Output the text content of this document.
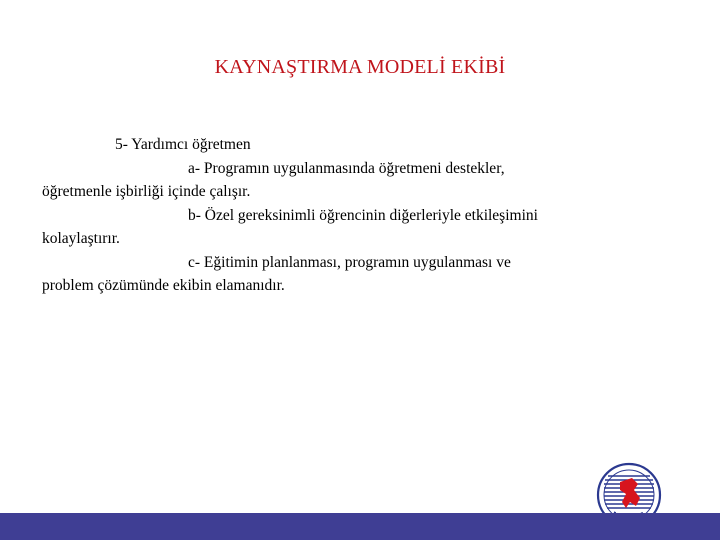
KAYNAŞTIRMA MODELİ EKİBİ
5- Yardımcı öğretmen
a- Programın uygulanmasında öğretmeni destekler,
öğretmenle işbirliği içinde çalışır.
b- Özel gereksinimli öğrencinin diğerleriyle etkileşimini
kolaylaştırır.
c- Eğitimin planlanması, programın uygulanması ve
problem çözümünde ekibin elamanıdır.
